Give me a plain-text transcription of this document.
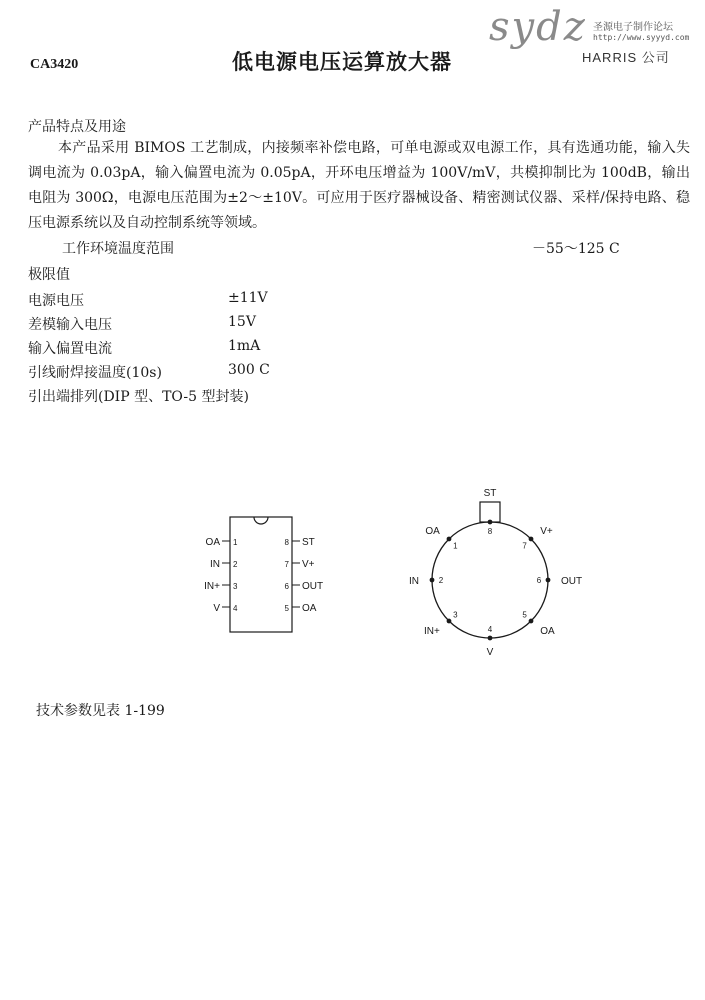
sydz 圣源电子制作论坛
http://www.syyyd.com
HARRIS 公司
CA3420	低电源电压运算放大器
产品特点及用途
本产品采用 BIMOS 工艺制成，内接频率补偿电路，可单电源或双电源工作，具有选通功能，输入失调电流为 0.03pA，输入偏置电流为 0.05pA，开环电压增益为 100V/mV，共模抑制比为 100dB，输出电阻为 300Ω，电源电压范围为±2～±10V。可应用于医疗器械设备、精密测试仪器、采样/保持电路、稳压电源系统以及自动控制系统等领域。
工作环境温度范围	－55～125 C
极限值
电源电压	±11V
差模输入电压	15V
输入偏置电流	1mA
引线耐焊接温度(10s)	300 C
引出端排列(DIP 型、TO-5 型封装)
OA 1
IN 2
IN+ 3
V 4
ST
8
V+
7
OUT
6
OA
5
8
ST
7
V+
6 OUT
5
OA
4
V
3
IN+
2
IN
1
OA
技术参数见表 1-199
